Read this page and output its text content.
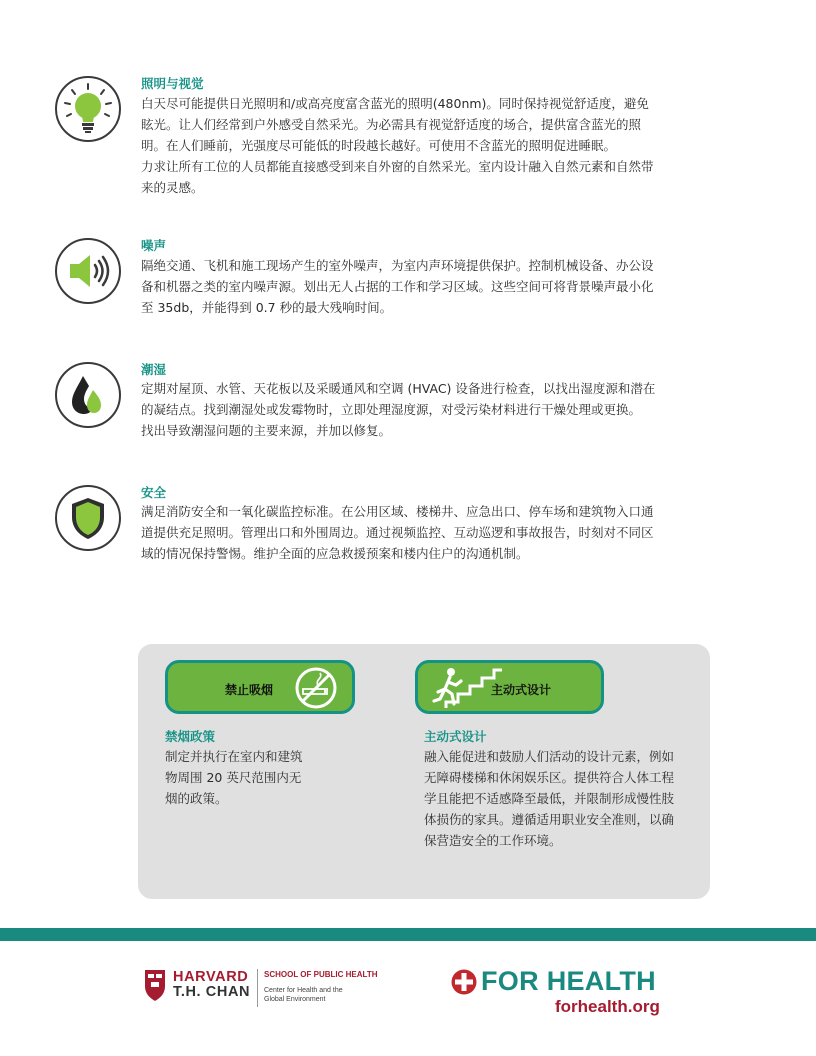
照明与视觉

白天尽可能提供日光照明和/或高亮度富含蓝光的照明(480nm)。同时保持视觉舒适度，避免

眩光。让人们经常到户外感受自然采光。为必需具有视觉舒适度的场合，提供富含蓝光的照

明。在人们睡前，光强度尽可能低的时段越长越好。可使用不含蓝光的照明促进睡眠。

力求让所有工位的人员都能直接感受到来自外窗的自然采光。室内设计融入自然元素和自然带

来的灵感。

噪声

隔绝交通、飞机和施工现场产生的室外噪声，为室内声环境提供保护。控制机械设备、办公设

备和机器之类的室内噪声源。划出无人占据的工作和学习区域。这些空间可将背景噪声最小化

至 35db，并能得到 0.7 秒的最大残响时间。

潮湿

定期对屋顶、水管、天花板以及采暖通风和空调 (HVAC) 设备进行检查，以找出湿度源和潜在

的凝结点。找到潮湿处或发霉物时，立即处理湿度源，对受污染材料进行干燥处理或更换。

找出导致潮湿问题的主要来源，并加以修复。

安全

满足消防安全和一氧化碳监控标准。在公用区域、楼梯井、应急出口、停车场和建筑物入口通

道提供充足照明。管理出口和外围周边。通过视频监控、互动巡逻和事故报告，时刻对不同区

域的情况保持警惕。维护全面的应急救援预案和楼内住户的沟通机制。

禁止吸烟	主动式设计
禁烟政策

制定并执行在室内和建筑

物周围 20 英尺范围内无

烟的政策。

主动式设计

融入能促进和鼓励人们活动的设计元素，例如

无障碍楼梯和休闲娱乐区。提供符合人体工程

学且能把不适感降至最低，并限制形成慢性肢

体损伤的家具。遵循适用职业安全准则，以确

保营造安全的工作环境。

HARVARD
T.H. CHAN
SCHOOL OF PUBLIC HEALTH
Center for Health and the
Global Environment
FOR HEALTH
forhealth.org
